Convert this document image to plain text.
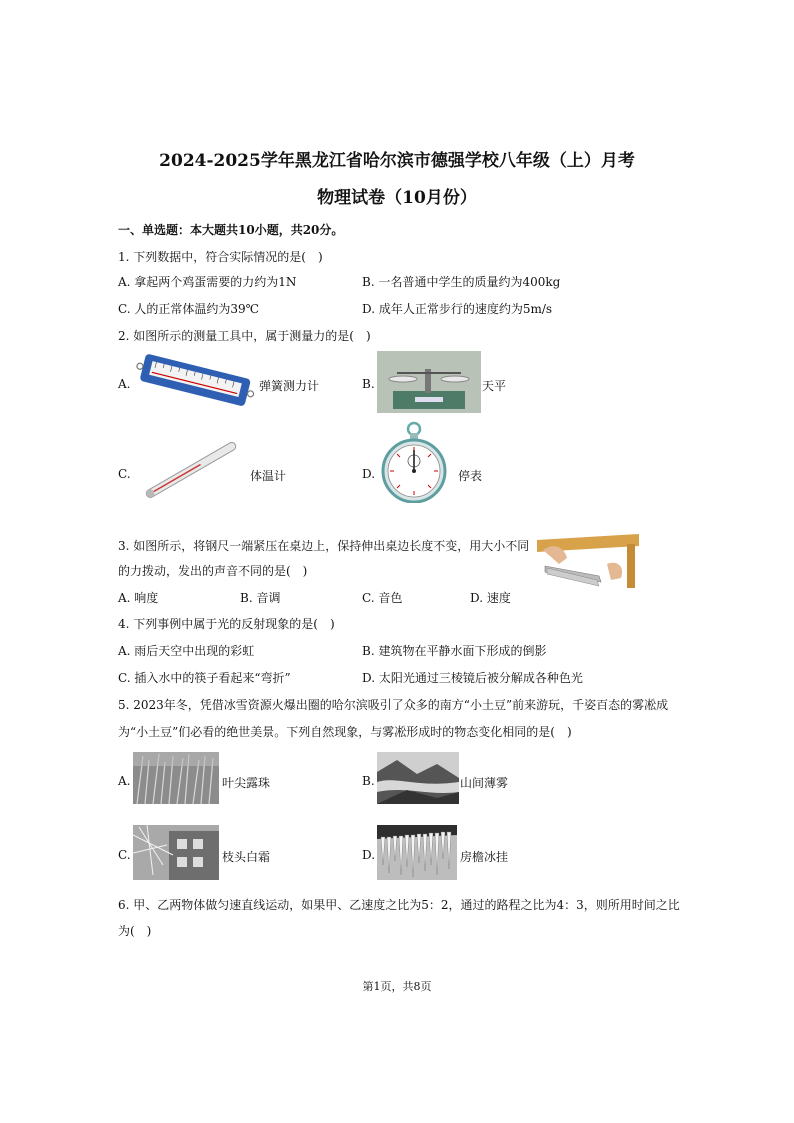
2024-2025学年黑龙江省哈尔滨市德强学校八年级（上）月考
物理试卷（10月份）
一、单选题：本大题共10小题，共20分。
1. 下列数据中，符合实际情况的是(　)
A. 拿起两个鸡蛋需要的力约为1N	B. 一名普通中学生的质量约为400kg
C. 人的正常体温约为39℃	D. 成年人正常步行的速度约为5m/s
2. 如图所示的测量工具中，属于测量力的是(　)
A.	弹簧测力计	B.	天平
C.	体温计	D.	停表
3. 如图所示，将钢尺一端紧压在桌边上，保持伸出桌边长度不变，用大小不同
的力拨动，发出的声音不同的是(　)
A. 响度	B. 音调	C. 音色	D. 速度
4. 下列事例中属于光的反射现象的是(　)
A. 雨后天空中出现的彩虹	B. 建筑物在平静水面下形成的倒影
C. 插入水中的筷子看起来“弯折”	D. 太阳光通过三棱镜后被分解成各种色光
5. 2023年冬，凭借冰雪资源火爆出圈的哈尔滨吸引了众多的南方“小土豆”前来游玩，千姿百态的雾凇成
为“小土豆”们必看的绝世美景。下列自然现象，与雾凇形成时的物态变化相同的是(　)
A.	叶尖露珠	B.	山间薄雾
C.	枝头白霜	D.	房檐冰挂
6. 甲、乙两物体做匀速直线运动，如果甲、乙速度之比为5：2，通过的路程之比为4：3，则所用时间之比
为(　)
第1页，共8页
